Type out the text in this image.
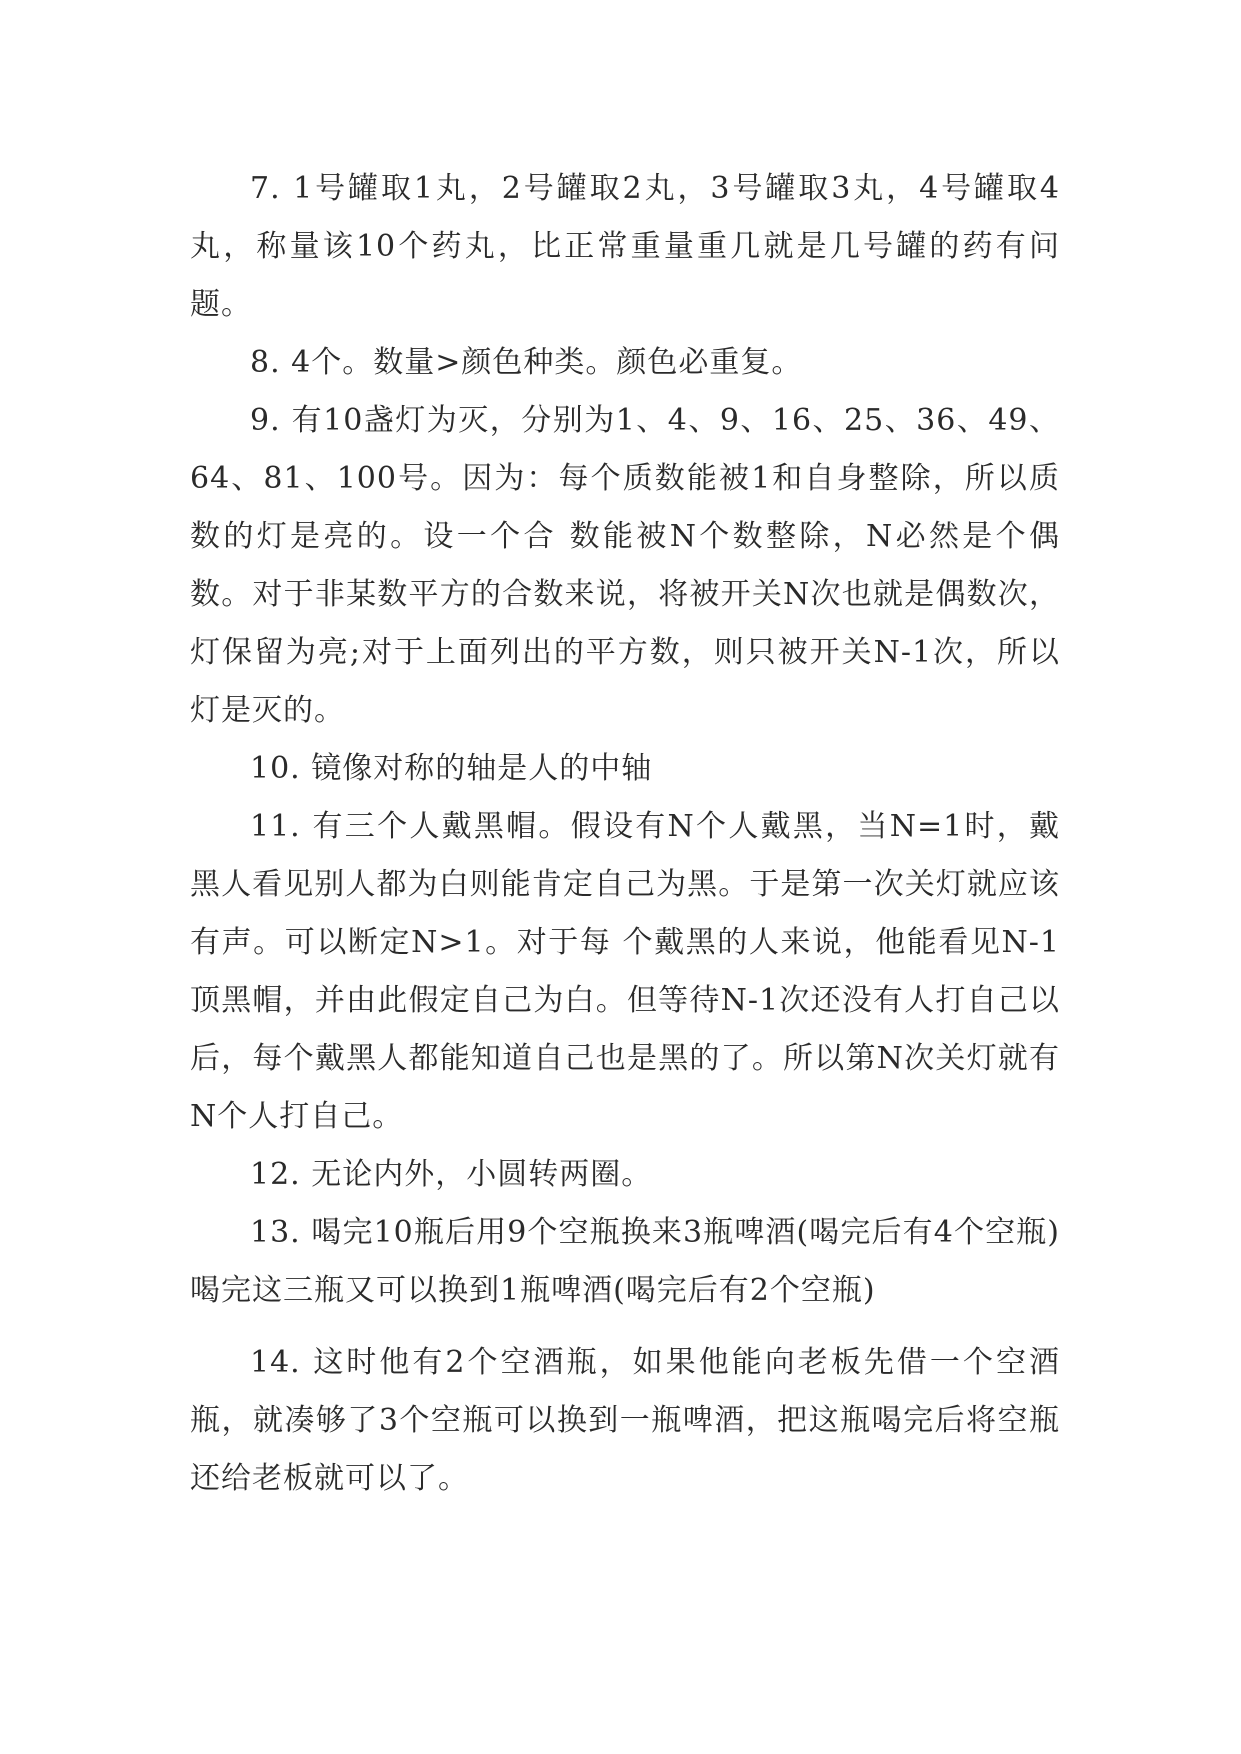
7. 1号罐取1丸，2号罐取2丸，3号罐取3丸，4号罐取4丸，称量该10个药丸，比正常重量重几就是几号罐的药有问题。

8. 4个。数量>颜色种类。颜色必重复。

9. 有10盏灯为灭，分别为1、4、9、16、25、36、49、64、81、100号。因为：每个质数能被1和自身整除，所以质数的灯是亮的。设一个合 数能被N个数整除，N必然是个偶数。对于非某数平方的合数来说，将被开关N次也就是偶数次，灯保留为亮;对于上面列出的平方数，则只被开关N-1次，所以 灯是灭的。

10. 镜像对称的轴是人的中轴

11. 有三个人戴黑帽。假设有N个人戴黑，当N=1时，戴黑人看见别人都为白则能肯定自己为黑。于是第一次关灯就应该有声。可以断定N>1。对于每 个戴黑的人来说，他能看见N-1顶黑帽，并由此假定自己为白。但等待N-1次还没有人打自己以后，每个戴黑人都能知道自己也是黑的了。所以第N次关灯就有 N个人打自己。

12. 无论内外，小圆转两圈。

13. 喝完10瓶后用9个空瓶换来3瓶啤酒(喝完后有4个空瓶) 喝完这三瓶又可以换到1瓶啤酒(喝完后有2个空瓶)

14. 这时他有2个空酒瓶，如果他能向老板先借一个空酒瓶，就凑够了3个空瓶可以换到一瓶啤酒，把这瓶喝完后将空瓶还给老板就可以了。
